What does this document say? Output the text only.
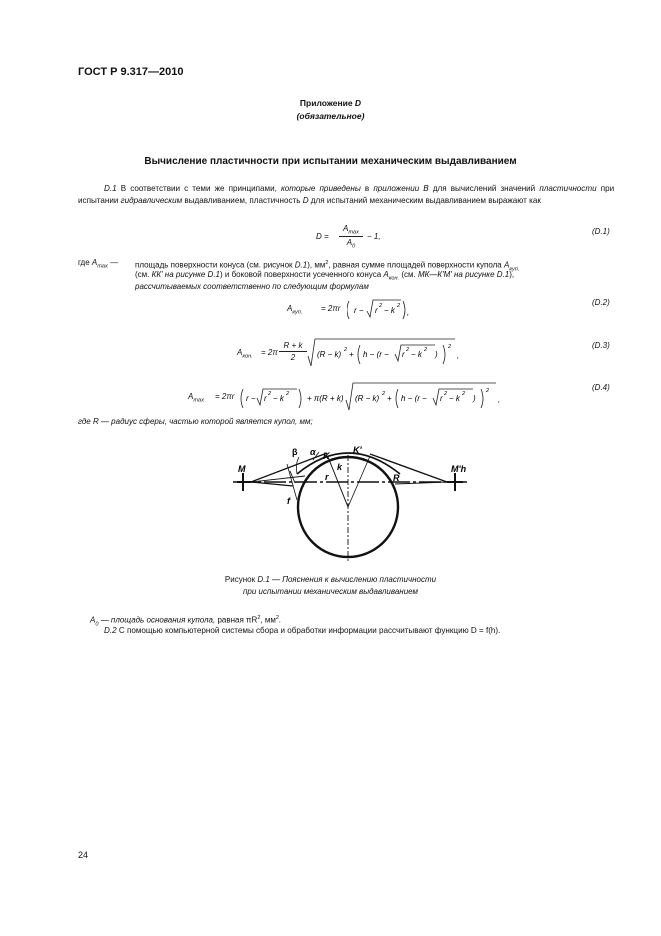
ГОСТ Р 9.317—2010
Приложение D
(обязательное)
Вычисление пластичности при испытании механическим выдавливанием
D.1 В соответствии с теми же принципами, которые приведены в приложении B для вычислений значений пластичности при испытании гидравлическим выдавливанием, пластичность D для испытаний механическим выдавливанием выражают как
D =
$A_{max}$
$A_0$
− 1,
(D.1)
где $A_{max}$ — площадь поверхности конуса (см. рисунок D.1), $мм^2$, равная сумме площадей поверхности купола $A_{куп.}$
(см. КК' на рисунке D.1) и боковой поверхности усеченного конуса $A_{кон.}$ (см. МК—К'М' на рисунке D.1),
рассчитываемых соответственно по следующим формулам
$A_{куп.} = 2\pi r$ r − r 2 − k 2
,
(D.2)
$A_{кон.} = 2\pi$
R + k
2	(R − k) 2 + h − (r − r 2 − k 2 )
2
,
(D.3)
$A_{max} = 2\pi r$ r − r 2 − k 2 + π(R + k) (R − k) 2 + h − (r − r 2 − k 2 )
2
,
(D.4)
где R — радиус сферы, частью которой является купол, мм;
M	M'h
β α K
K'
k
r	R
f
Рисунок D.1 — Пояснения к вычислению пластичности
при испытании механическим выдавливанием
$A_0$ — площадь основания купола, равная $\pi R^2$, $мм^2$.
D.2 С помощью компьютерной системы сбора и обработки информации рассчитывают функцию D = f(h).
24
